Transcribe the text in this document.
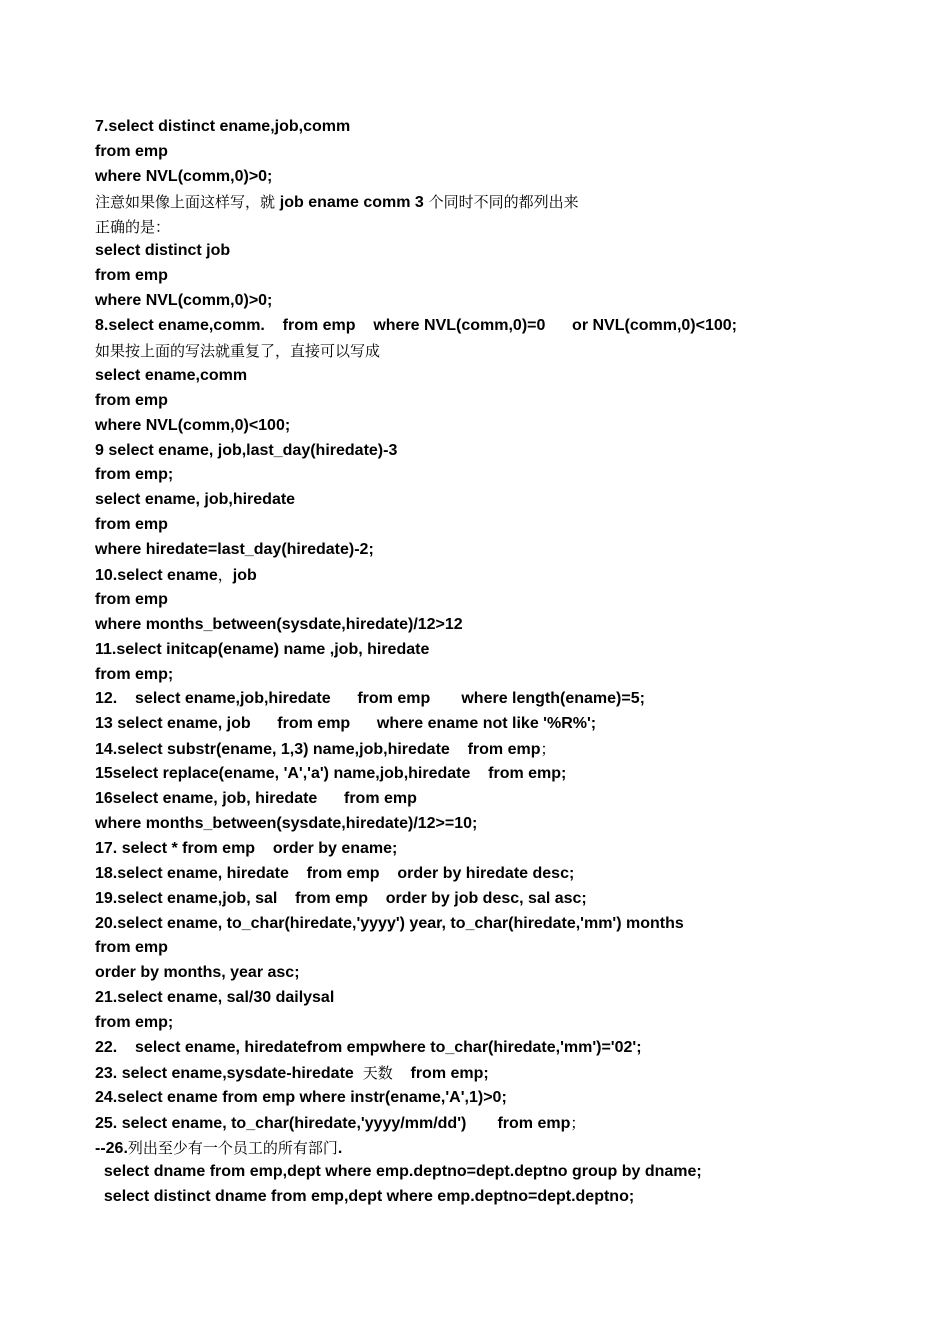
7.select distinct ename,job,comm
from emp
where NVL(comm,0)>0;
注意如果像上面这样写，就 job ename comm 3 个同时不同的都列出来
正确的是：
select distinct job
from emp
where NVL(comm,0)>0;
8.select ename,comm.    from emp    where NVL(comm,0)=0      or NVL(comm,0)<100;
如果按上面的写法就重复了，直接可以写成
select ename,comm
from emp
where NVL(comm,0)<100;
9 select ename, job,last_day(hiredate)-3
from emp;
select ename, job,hiredate
from emp
where hiredate=last_day(hiredate)-2;
10.select ename，job
from emp
where months_between(sysdate,hiredate)/12>12
11.select initcap(ename) name ,job, hiredate
from emp;
12.    select ename,job,hiredate      from emp       where length(ename)=5;
13 select ename, job      from emp      where ename not like '%R%';
14.select substr(ename, 1,3) name,job,hiredate    from emp；
15select replace(ename, 'A','a') name,job,hiredate    from emp;
16select ename, job, hiredate      from emp
where months_between(sysdate,hiredate)/12>=10;
17. select * from emp    order by ename;
18.select ename, hiredate    from emp    order by hiredate desc;
19.select ename,job, sal    from emp    order by job desc, sal asc;
20.select ename, to_char(hiredate,'yyyy') year, to_char(hiredate,'mm') months
from emp
order by months, year asc;
21.select ename, sal/30 dailysal
from emp;
22.    select ename, hiredatefrom empwhere to_char(hiredate,'mm')='02';
23. select ename,sysdate-hiredate  天数    from emp;
24.select ename from emp where instr(ename,'A',1)>0;
25. select ename, to_char(hiredate,'yyyy/mm/dd')       from emp；
--26.列出至少有一个员工的所有部门.
select dname from emp,dept where emp.deptno=dept.deptno group by dname;
select distinct dname from emp,dept where emp.deptno=dept.deptno;
